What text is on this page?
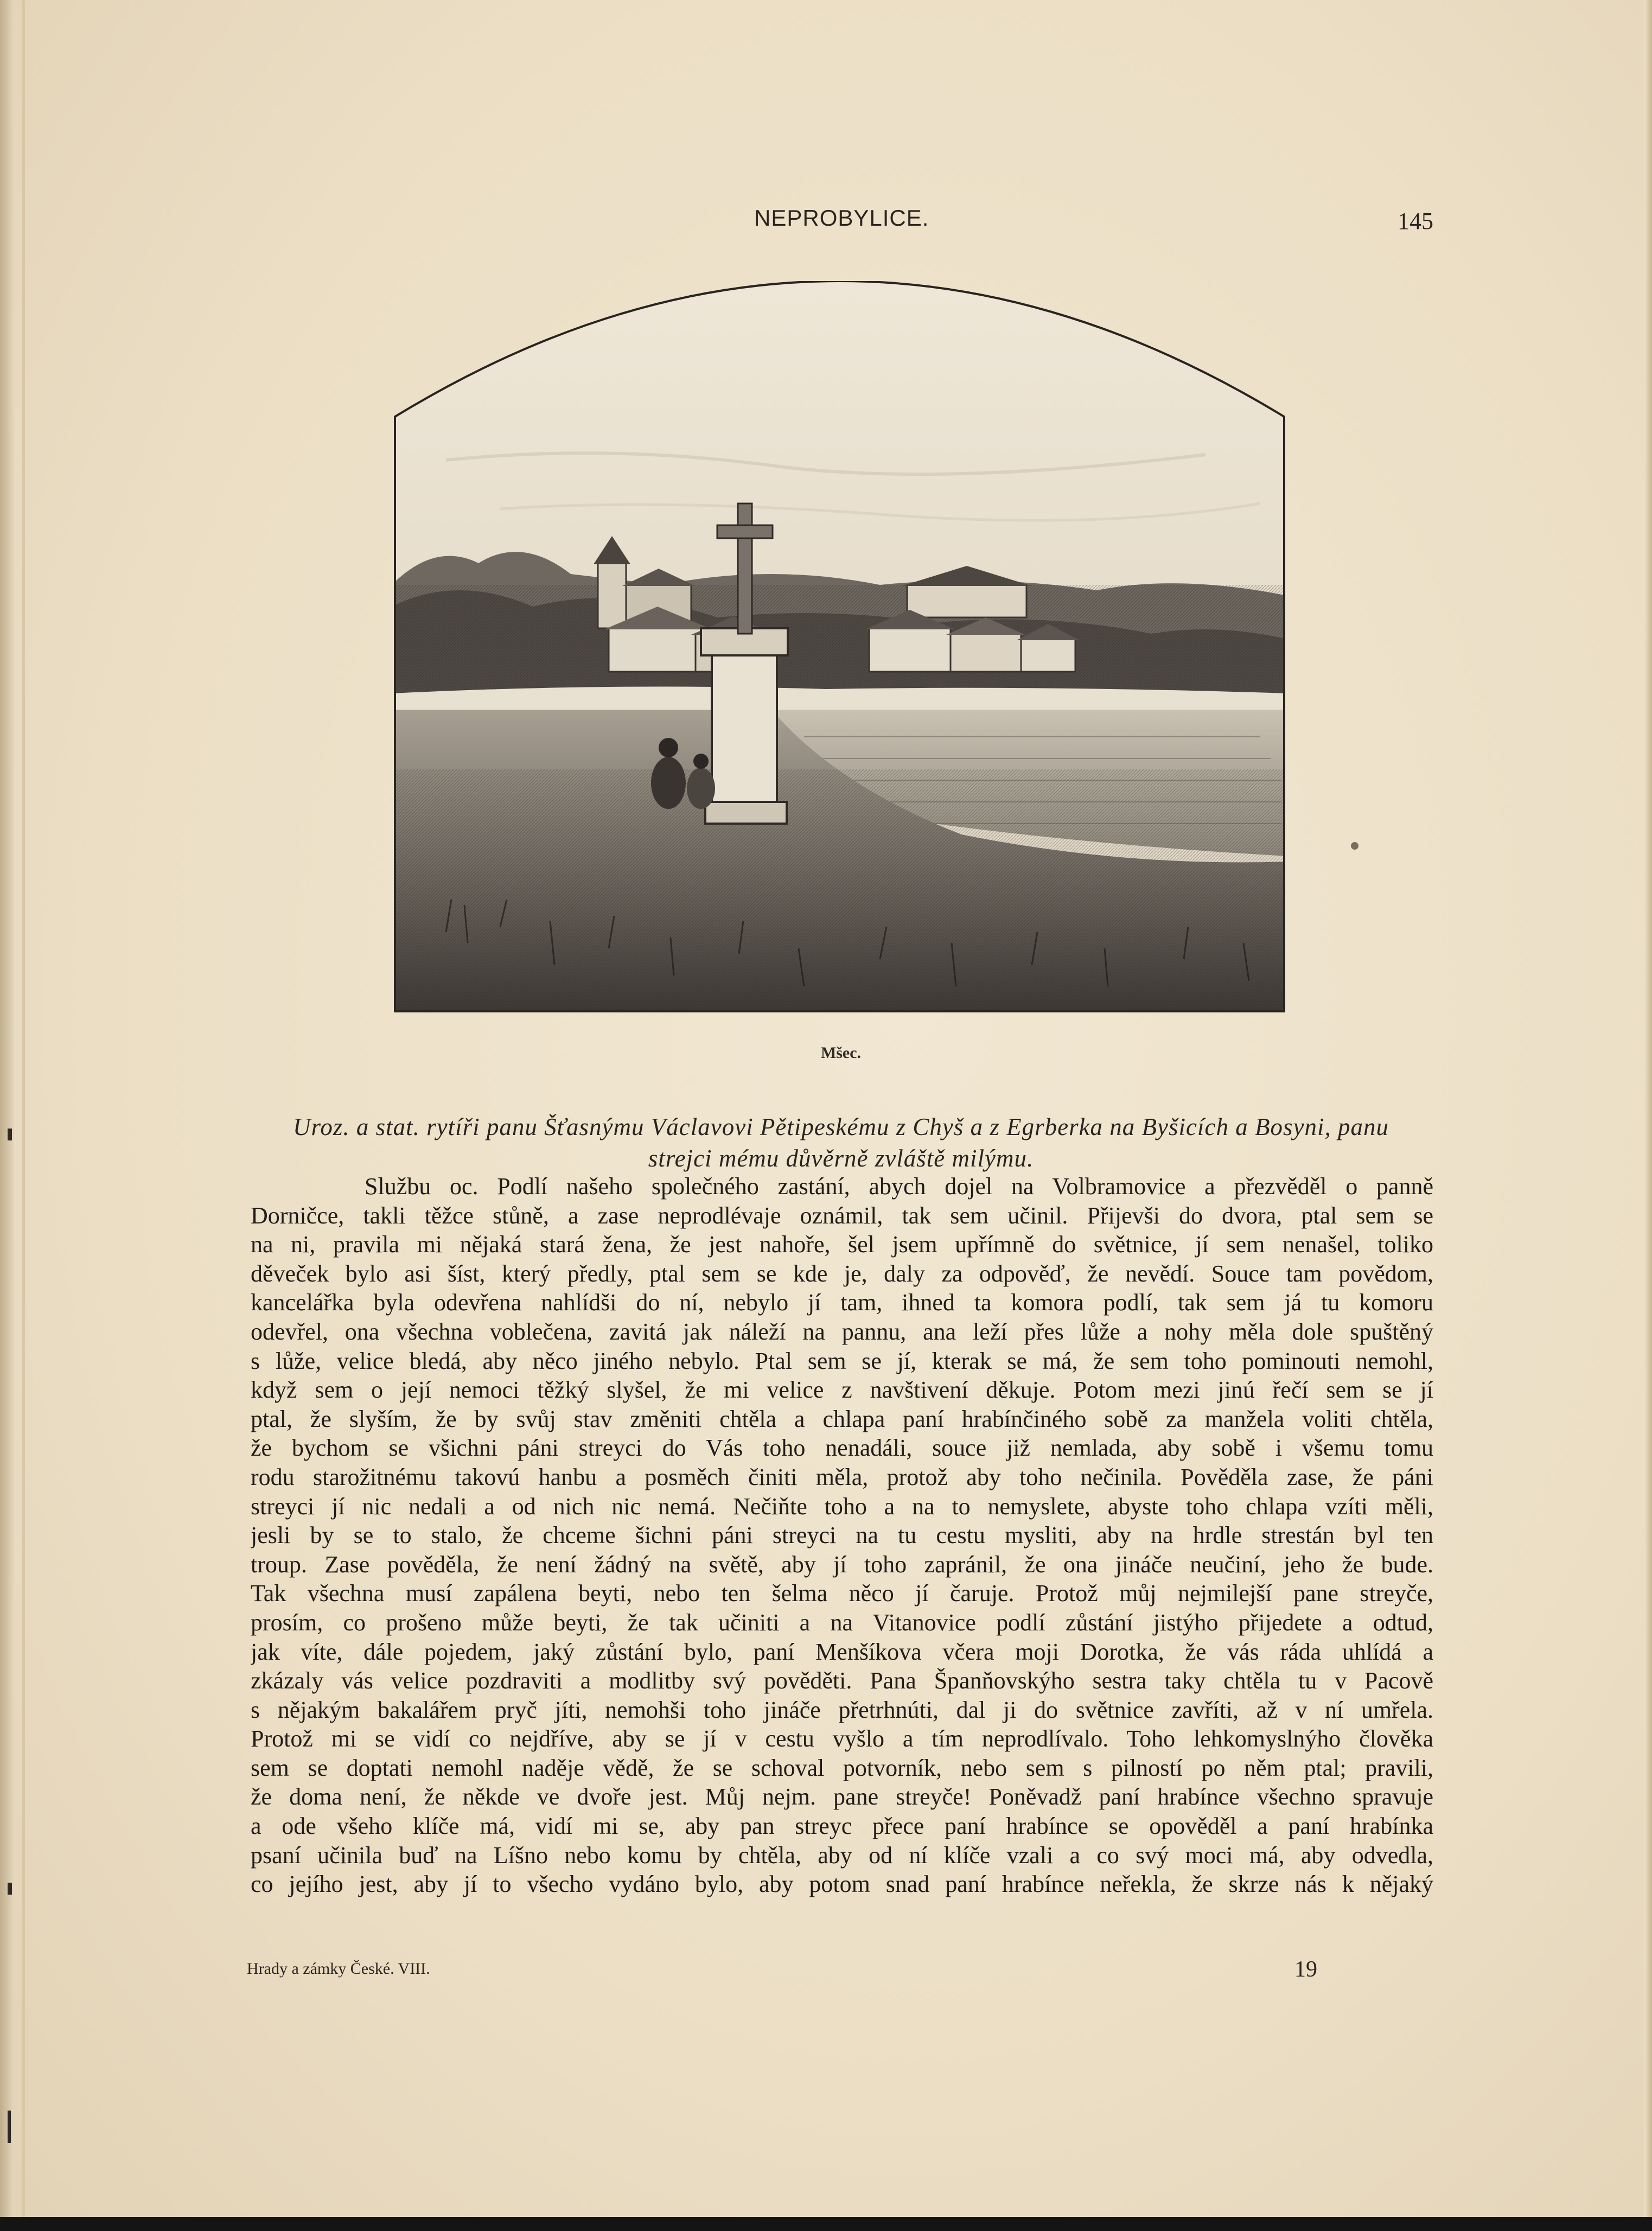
NEPROBYLICE.	145
Mšec.
Uroz. a stat. rytíři panu Šťasnýmu Václavovi Pětipeskému z Chyš a z Egrberka na Byšicích a Bosyni, panu
strejci mému důvěrně zvláště milýmu.
Službu oc. Podlí našeho společného zastání, abych dojel na Volbramovice a přezvěděl o panně
Dorničce, takli těžce stůně, a zase neprodlévaje oznámil, tak sem učinil. Přijevši do dvora, ptal sem se
na ni, pravila mi nějaká stará žena, že jest nahoře, šel jsem upřímně do světnice, jí sem nenašel, toliko
děveček bylo asi šíst, který předly, ptal sem se kde je, daly za odpověď, že nevědí. Souce tam povědom,
kancelářka byla odevřena nahlídši do ní, nebylo jí tam, ihned ta komora podlí, tak sem já tu komoru
odevřel, ona všechna voblečena, zavitá jak náleží na pannu, ana leží přes lůže a nohy měla dole spuštěný
s lůže, velice bledá, aby něco jiného nebylo. Ptal sem se jí, kterak se má, že sem toho pominouti nemohl,
když sem o její nemoci těžký slyšel, že mi velice z navštivení děkuje. Potom mezi jinú řečí sem se jí
ptal, že slyším, že by svůj stav změniti chtěla a chlapa paní hrabínčiného sobě za manžela voliti chtěla,
že bychom se všichni páni streyci do Vás toho nenadáli, souce již nemlada, aby sobě i všemu tomu
rodu starožitnému takovú hanbu a posměch činiti měla, protož aby toho nečinila. Pověděla zase, že páni
streyci jí nic nedali a od nich nic nemá. Nečiňte toho a na to nemyslete, abyste toho chlapa vzíti měli,
jesli by se to stalo, že chceme šichni páni streyci na tu cestu mysliti, aby na hrdle strestán byl ten
troup. Zase pověděla, že není žádný na světě, aby jí toho zapránil, že ona jináče neučiní, jeho že bude.
Tak všechna musí zapálena beyti, nebo ten šelma něco jí čaruje. Protož můj nejmilejší pane streyče,
prosím, co prošeno může beyti, že tak učiniti a na Vitanovice podlí zůstání jistýho přijedete a odtud,
jak víte, dále pojedem, jaký zůstání bylo, paní Menšíkova včera moji Dorotka, že vás ráda uhlídá a
zkázaly vás velice pozdraviti a modlitby svý pověděti. Pana Španňovskýho sestra taky chtěla tu v Pacově
s nějakým bakalářem pryč jíti, nemohši toho jináče přetrhnúti, dal ji do světnice zavříti, až v ní umřela.
Protož mi se vidí co nejdříve, aby se jí v cestu vyšlo a tím neprodlívalo. Toho lehkomyslnýho člověka
sem se doptati nemohl naděje vědě, že se schoval potvorník, nebo sem s pilností po něm ptal; pravili,
že doma není, že někde ve dvoře jest. Můj nejm. pane streyče! Poněvadž paní hrabínce všechno spravuje
a ode všeho klíče má, vidí mi se, aby pan streyc přece paní hrabínce se opověděl a paní hrabínka
psaní učinila buď na Líšno nebo komu by chtěla, aby od ní klíče vzali a co svý moci má, aby odvedla,
co jejího jest, aby jí to všecho vydáno bylo, aby potom snad paní hrabínce neřekla, že skrze nás k nějaký
Hrady a zámky České. VIII.	19
